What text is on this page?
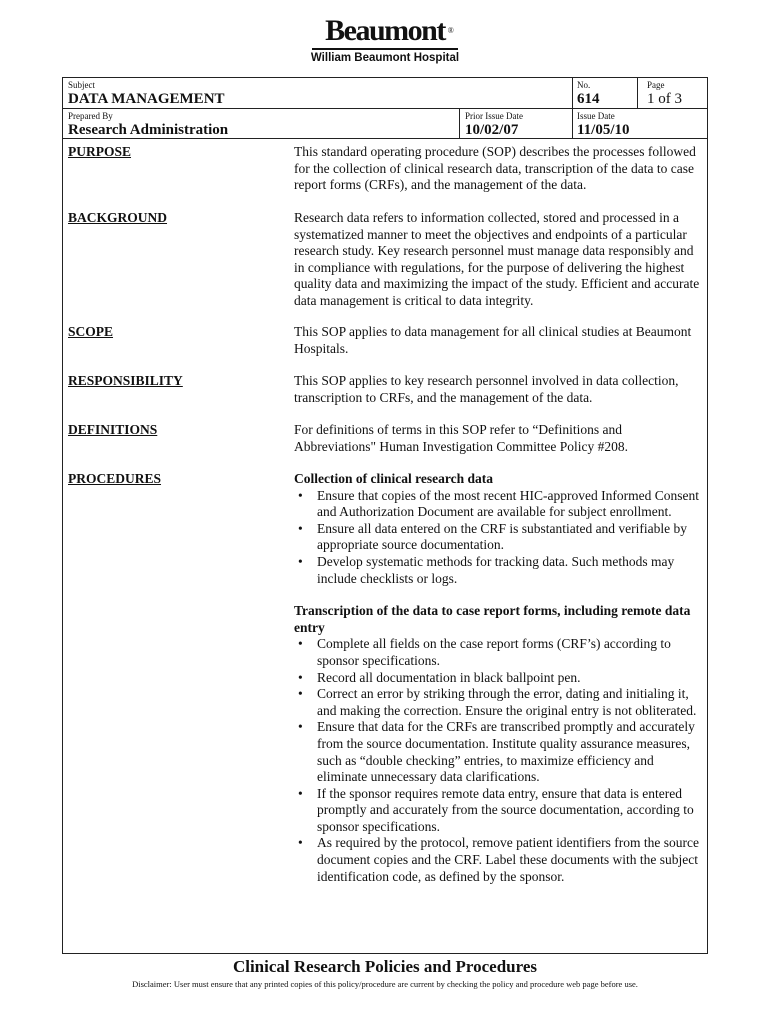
Beaumont ®
William Beaumont Hospital
Subject
DATA MANAGEMENT
No.
614
Page
1 of 3
Prepared By
Research Administration
Prior Issue Date
10/02/07
Issue Date
11/05/10
PURPOSE	This standard operating procedure (SOP) describes the processes followed for the collection of clinical research data, transcription of the data to case report forms (CRFs), and the management of the data.
BACKGROUND	Research data refers to information collected, stored and processed in a systematized manner to meet the objectives and endpoints of a particular research study. Key research personnel must manage data responsibly and in compliance with regulations, for the purpose of delivering the highest quality data and maximizing the impact of the study. Efficient and accurate data management is critical to data integrity.
SCOPE	This SOP applies to data management for all clinical studies at Beaumont Hospitals.
RESPONSIBILITY	This SOP applies to key research personnel involved in data collection, transcription to CRFs, and the management of the data.
DEFINITIONS	For definitions of terms in this SOP refer to “Definitions and Abbreviations" Human Investigation Committee Policy #208.
PROCEDURES	Collection of clinical research data
• Ensure that copies of the most recent HIC-approved Informed Consent and Authorization Document are available for subject enrollment.
• Ensure all data entered on the CRF is substantiated and verifiable by appropriate source documentation.
• Develop systematic methods for tracking data. Such methods may include checklists or logs.
Transcription of the data to case report forms, including remote data entry
• Complete all fields on the case report forms (CRF’s) according to sponsor specifications.
• Record all documentation in black ballpoint pen.
• Correct an error by striking through the error, dating and initialing it, and making the correction. Ensure the original entry is not obliterated.
• Ensure that data for the CRFs are transcribed promptly and accurately from the source documentation. Institute quality assurance measures, such as “double checking” entries, to maximize efficiency and eliminate unnecessary data clarifications.
• If the sponsor requires remote data entry, ensure that data is entered promptly and accurately from the source documentation, according to sponsor specifications.
• As required by the protocol, remove patient identifiers from the source document copies and the CRF. Label these documents with the subject identification code, as defined by the sponsor.
Clinical Research Policies and Procedures
Disclaimer: User must ensure that any printed copies of this policy/procedure are current by checking the policy and procedure web page before use.
